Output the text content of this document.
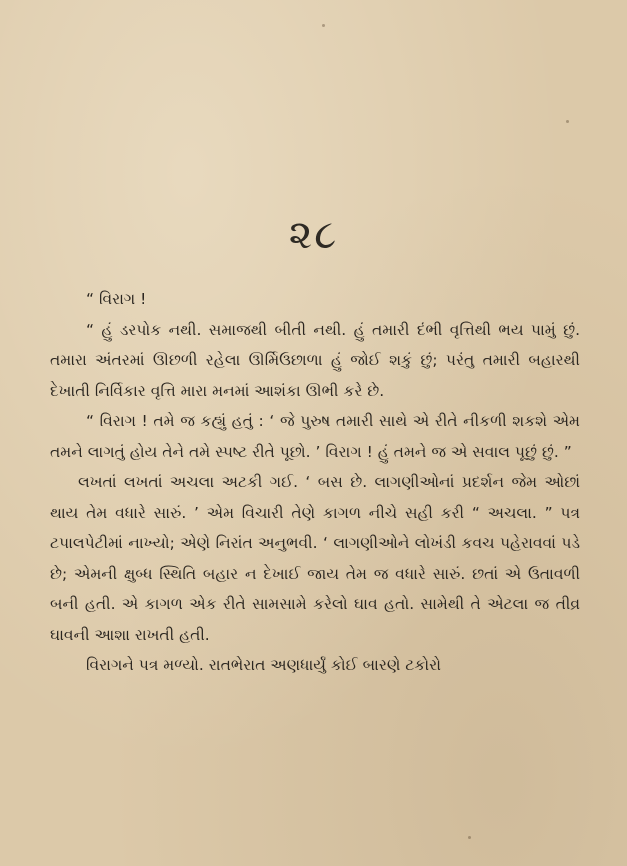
૨૮

“ વિરાગ !

“ હું ડરપોક નથી. સમાજથી બીતી નથી. હું તમારી દંભી વૃત્તિથી ભય પામું છું. તમારા અંતરમાં ઊછળી રહેલા ઊર્મિઉછાળા હું જોઈ શકું છું; પરંતુ તમારી બહારથી દેખાતી નિર્વિકાર વૃત્તિ મારા મનમાં આશંકા ઊભી કરે છે.

“ વિરાગ ! તમે જ કહ્યું હતું : ‘ જે પુરુષ તમારી સાથે એ રીતે નીકળી શકશે એમ તમને લાગતું હોય તેને તમે સ્પષ્ટ રીતે પૂછો. ’ વિરાગ ! હું તમને જ એ સવાલ પૂછું છું. ”

લખતાં લખતાં અચલા અટકી ગઈ. ‘ બસ છે. લાગણીઓનાં પ્રદર્શન જેમ ઓછાં થાય તેમ વધારે સારું. ’ એમ વિચારી તેણે કાગળ નીચે સહી કરી “ અચલા. ” પત્ર ટપાલપેટીમાં નાખ્યો; એણે નિરાંત અનુભવી. ‘ લાગણીઓને લોખંડી કવચ પહેરાવવાં પડે છે; એમની ક્ષુબ્ધ સ્થિતિ બહાર ન દેખાઈ જાય તેમ જ વધારે સારું. છતાં એ ઉતાવળી બની હતી. એ કાગળ એક રીતે સામસામે કરેલો ઘાવ હતો. સામેથી તે એટલા જ તીવ્ર ઘાવની આશા રાખતી હતી.

વિરાગને પત્ર મળ્યો. રાતભેરાત અણધાર્યું કોઈ બારણે ટકોરો
